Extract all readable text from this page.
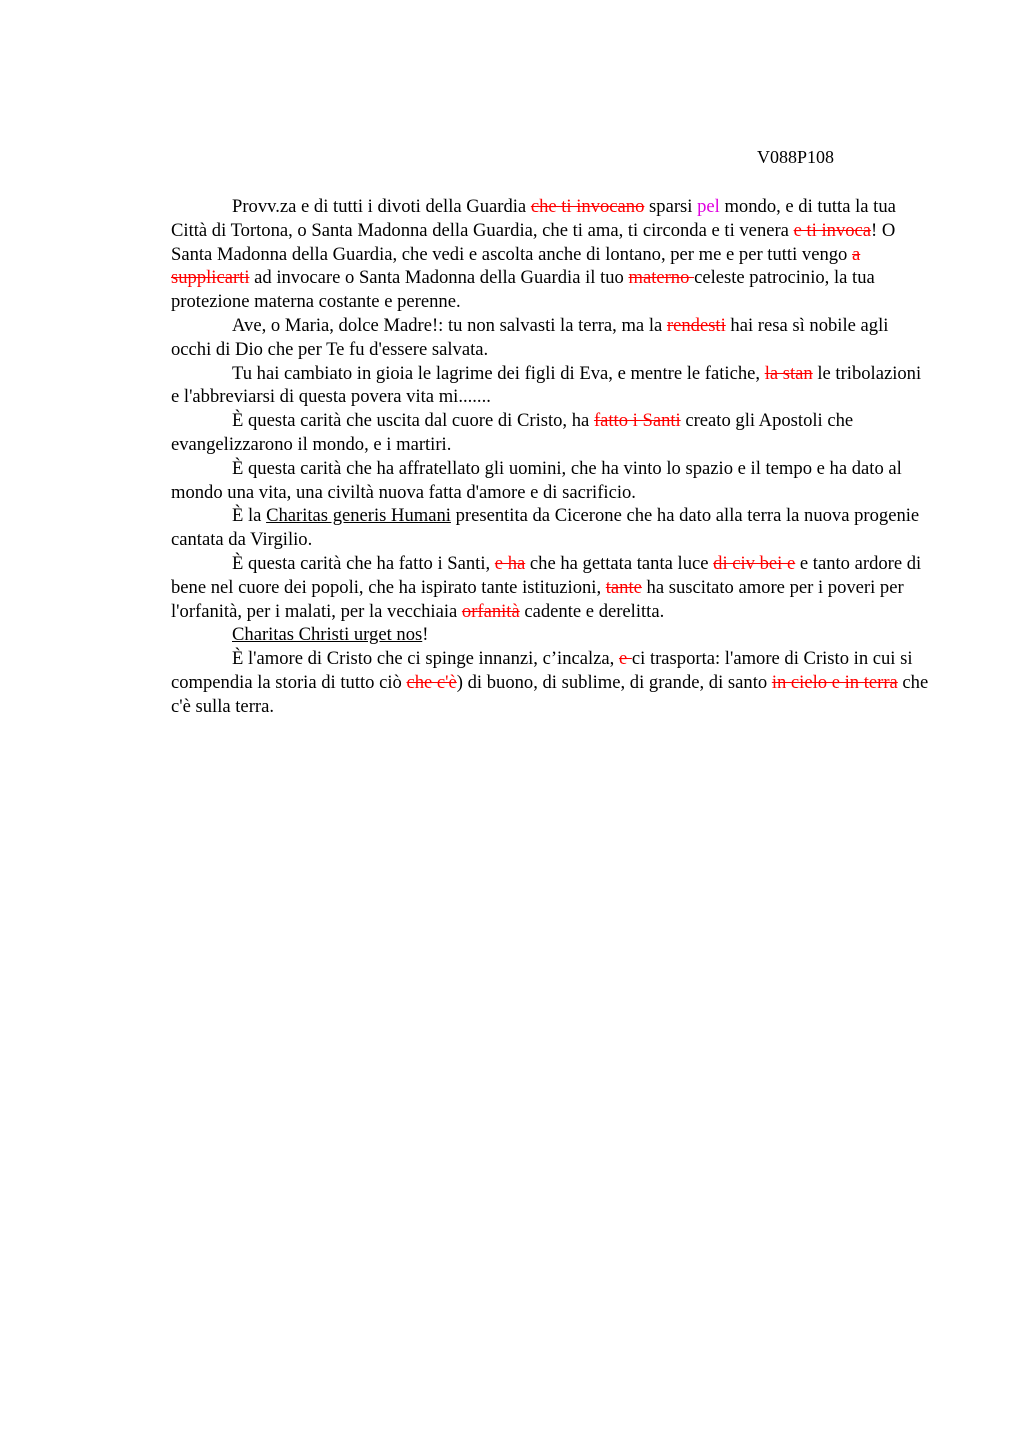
V088P108

Provv.za e di tutti i divoti della Guardia che ti invocano sparsi pel mondo, e di tutta la tua Città di Tortona, o Santa Madonna della Guardia, che ti ama, ti circonda e ti venera e ti invoca! O Santa Madonna della Guardia, che vedi e ascolta anche di lontano, per me e per tutti vengo a supplicarti ad invocare o Santa Madonna della Guardia il tuo materno celeste patrocinio, la tua protezione materna costante e perenne.

Ave, o Maria, dolce Madre!: tu non salvasti la terra, ma la rendesti hai resa sì nobile agli occhi di Dio che per Te fu d'essere salvata.

Tu hai cambiato in gioia le lagrime dei figli di Eva, e mentre le fatiche, la stan le tribolazioni e l'abbreviarsi di questa povera vita mi.......

È questa carità che uscita dal cuore di Cristo, ha fatto i Santi creato gli Apostoli che evangelizzarono il mondo, e i martiri.

È questa carità che ha affratellato gli uomini, che ha vinto lo spazio e il tempo e ha dato al mondo una vita, una civiltà nuova fatta d'amore e di sacrificio.

È la Charitas generis Humani presentita da Cicerone che ha dato alla terra la nuova progenie cantata da Virgilio.

È questa carità che ha fatto i Santi, e ha che ha gettata tanta luce di civ bei e e tanto ardore di bene nel cuore dei popoli, che ha ispirato tante istituzioni, tante ha suscitato amore per i poveri per l'orfanità, per i malati, per la vecchiaia orfanità cadente e derelitta.

Charitas Christi urget nos!

È l'amore di Cristo che ci spinge innanzi, c’incalza, e ci trasporta: l'amore di Cristo in cui si compendia la storia di tutto ciò che c'è) di buono, di sublime, di grande, di santo in cielo e in terra che c'è sulla terra.
